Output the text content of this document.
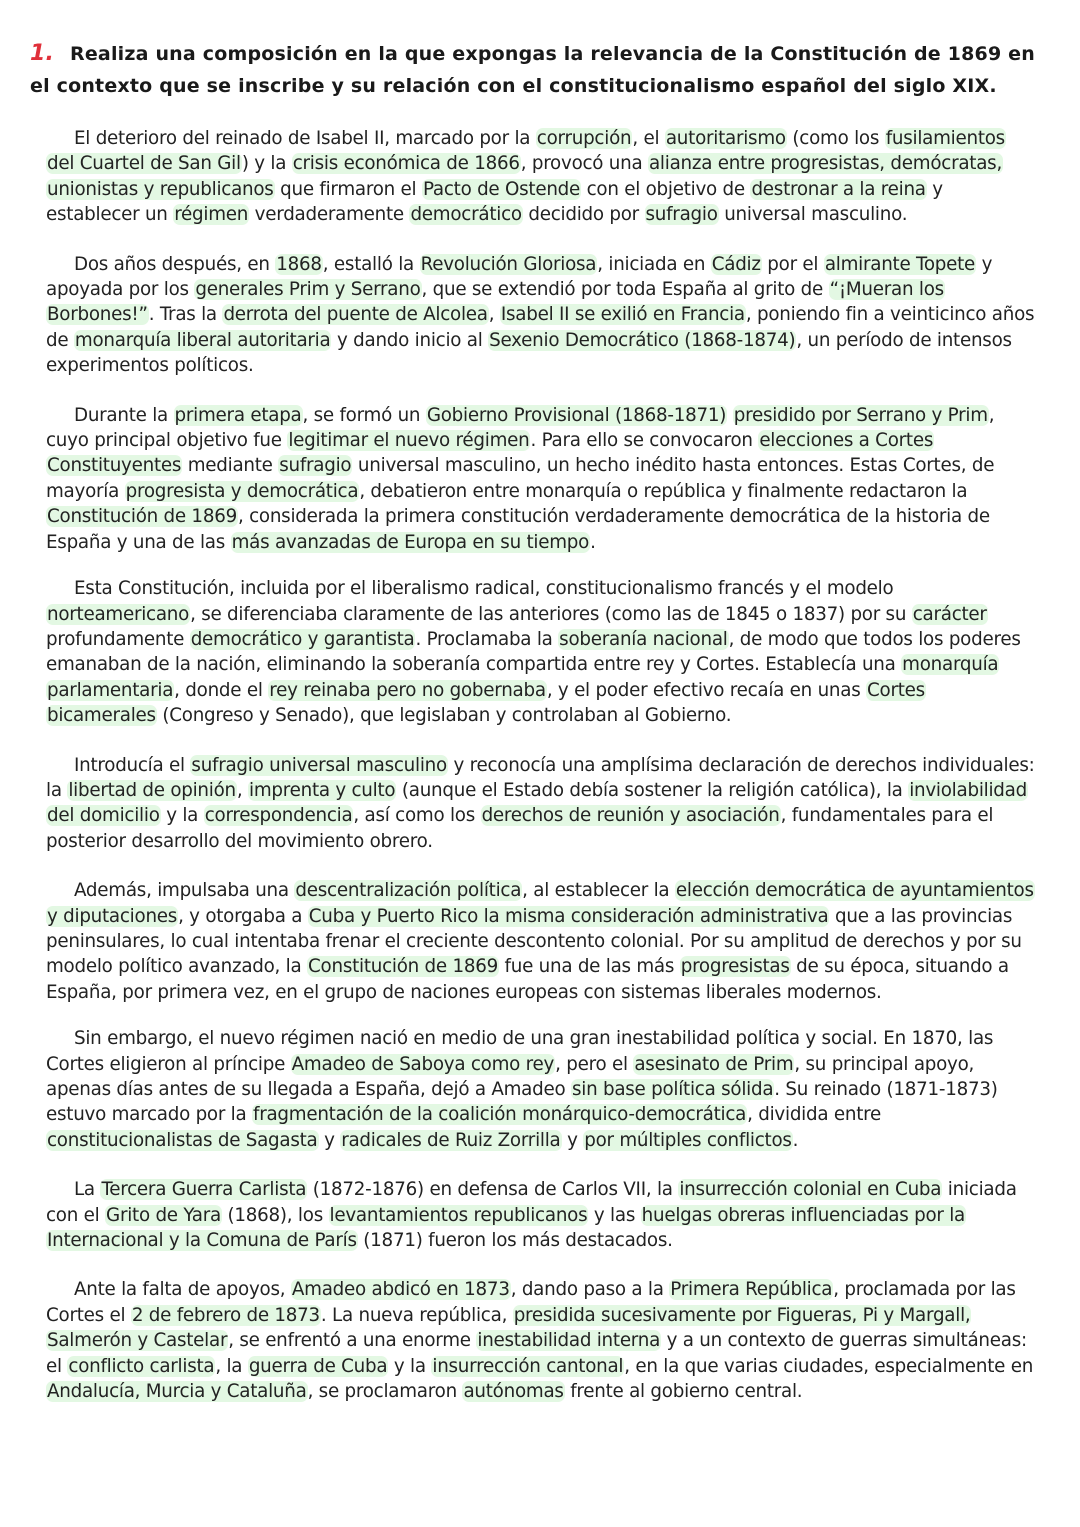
1. Realiza una composición en la que expongas la relevancia de la Constitución de 1869 en el contexto que se inscribe y su relación con el constitucionalismo español del siglo XIX.

El deterioro del reinado de Isabel II, marcado por la corrupción, el autoritarismo (como los fusilamientos del Cuartel de San Gil) y la crisis económica de 1866, provocó una alianza entre progresistas, demócratas, unionistas y republicanos que firmaron el Pacto de Ostende con el objetivo de destronar a la reina y establecer un régimen verdaderamente democrático decidido por sufragio universal masculino.

Dos años después, en 1868, estalló la Revolución Gloriosa, iniciada en Cádiz por el almirante Topete y apoyada por los generales Prim y Serrano, que se extendió por toda España al grito de “¡Mueran los Borbones!”. Tras la derrota del puente de Alcolea, Isabel II se exilió en Francia, poniendo fin a veinticinco años de monarquía liberal autoritaria y dando inicio al Sexenio Democrático (1868-1874), un período de intensos experimentos políticos.

Durante la primera etapa, se formó un Gobierno Provisional (1868-1871) presidido por Serrano y Prim, cuyo principal objetivo fue legitimar el nuevo régimen. Para ello se convocaron elecciones a Cortes Constituyentes mediante sufragio universal masculino, un hecho inédito hasta entonces. Estas Cortes, de mayoría progresista y democrática, debatieron entre monarquía o república y finalmente redactaron la Constitución de 1869, considerada la primera constitución verdaderamente democrática de la historia de España y una de las más avanzadas de Europa en su tiempo.

Esta Constitución, incluida por el liberalismo radical, constitucionalismo francés y el modelo norteamericano, se diferenciaba claramente de las anteriores (como las de 1845 o 1837) por su carácter profundamente democrático y garantista. Proclamaba la soberanía nacional, de modo que todos los poderes emanaban de la nación, eliminando la soberanía compartida entre rey y Cortes. Establecía una monarquía parlamentaria, donde el rey reinaba pero no gobernaba, y el poder efectivo recaía en unas Cortes bicamerales (Congreso y Senado), que legislaban y controlaban al Gobierno.

Introducía el sufragio universal masculino y reconocía una amplísima declaración de derechos individuales: la libertad de opinión, imprenta y culto (aunque el Estado debía sostener la religión católica), la inviolabilidad del domicilio y la correspondencia, así como los derechos de reunión y asociación, fundamentales para el posterior desarrollo del movimiento obrero.

Además, impulsaba una descentralización política, al establecer la elección democrática de ayuntamientos y diputaciones, y otorgaba a Cuba y Puerto Rico la misma consideración administrativa que a las provincias peninsulares, lo cual intentaba frenar el creciente descontento colonial. Por su amplitud de derechos y por su modelo político avanzado, la Constitución de 1869 fue una de las más progresistas de su época, situando a España, por primera vez, en el grupo de naciones europeas con sistemas liberales modernos.

Sin embargo, el nuevo régimen nació en medio de una gran inestabilidad política y social. En 1870, las Cortes eligieron al príncipe Amadeo de Saboya como rey, pero el asesinato de Prim, su principal apoyo, apenas días antes de su llegada a España, dejó a Amadeo sin base política sólida. Su reinado (1871-1873) estuvo marcado por la fragmentación de la coalición monárquico-democrática, dividida entre constitucionalistas de Sagasta y radicales de Ruiz Zorrilla y por múltiples conflictos.

La Tercera Guerra Carlista (1872-1876) en defensa de Carlos VII, la insurrección colonial en Cuba iniciada con el Grito de Yara (1868), los levantamientos republicanos y las huelgas obreras influenciadas por la Internacional y la Comuna de París (1871) fueron los más destacados.

Ante la falta de apoyos, Amadeo abdicó en 1873, dando paso a la Primera República, proclamada por las Cortes el 2 de febrero de 1873. La nueva república, presidida sucesivamente por Figueras, Pi y Margall, Salmerón y Castelar, se enfrentó a una enorme inestabilidad interna y a un contexto de guerras simultáneas: el conflicto carlista, la guerra de Cuba y la insurrección cantonal, en la que varias ciudades, especialmente en Andalucía, Murcia y Cataluña, se proclamaron autónomas frente al gobierno central.
